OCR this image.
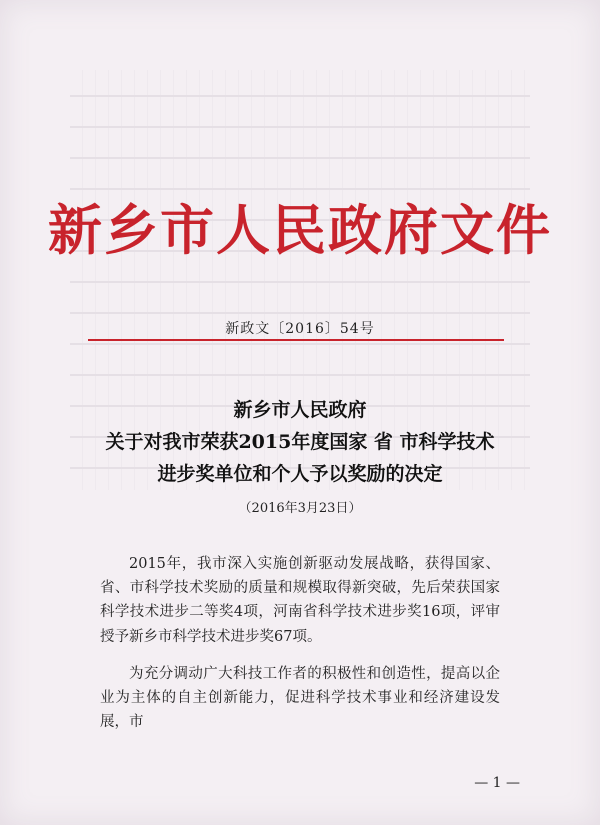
新乡市人民政府文件
新政文〔2016〕54号
新乡市人民政府
关于对我市荣获2015年度国家 省 市科学技术
进步奖单位和个人予以奖励的决定
（2016年3月23日）

2015年，我市深入实施创新驱动发展战略，获得国家、省、市科学技术奖励的质量和规模取得新突破，先后荣获国家科学技术进步二等奖4项，河南省科学技术进步奖16项，评审授予新乡市科学技术进步奖67项。

为充分调动广大科技工作者的积极性和创造性，提高以企业为主体的自主创新能力，促进科学技术事业和经济建设发展，市

— 1 —
